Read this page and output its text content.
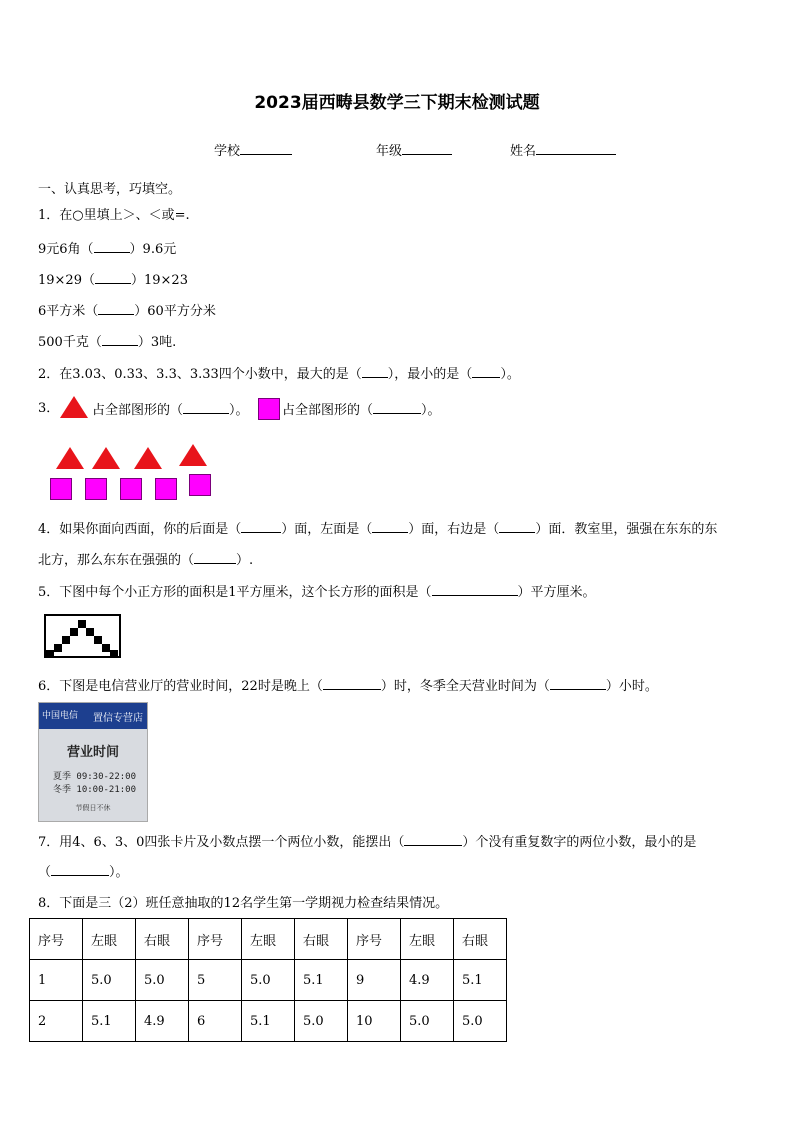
2023届西畴县数学三下期末检测试题
学校	年级	姓名
一、认真思考，巧填空。
1．在○里填上＞、＜或=.
9元6角（	）9.6元
19×29（	）19×23
6平方米（	）60平方分米
500千克（	）3吨.
2．在3.03、0.33、3.3、3.33四个小数中，最大的是（ ），最小的是（ ）。
3．	占全部图形的（	）。	占全部图形的（	）。
4．如果你面向西面，你的后面是（	）面，左面是（	）面，右边是（	）面．教室里，强强在东东的东
北方，那么东东在强强的（	）.
5．下图中每个小正方形的面积是1平方厘米，这个长方形的面积是（	）平方厘米。
6．下图是电信营业厅的营业时间，22时是晚上（	）时，冬季全天营业时间为（	）小时。
中国电信 置信专营店
营业时间
夏季 09:30-22:00
冬季 10:00-21:00
节假日不休
7．用4、6、3、0四张卡片及小数点摆一个两位小数，能摆出（	）个没有重复数字的两位小数，最小的是
（	）。
8．下面是三（2）班任意抽取的12名学生第一学期视力检查结果情况。
序号	左眼	右眼	序号	左眼	右眼	序号	左眼	右眼
1	5.0	5.0	5	5.0	5.1	9	4.9	5.1
2	5.1	4.9	6	5.1	5.0	10	5.0	5.0
